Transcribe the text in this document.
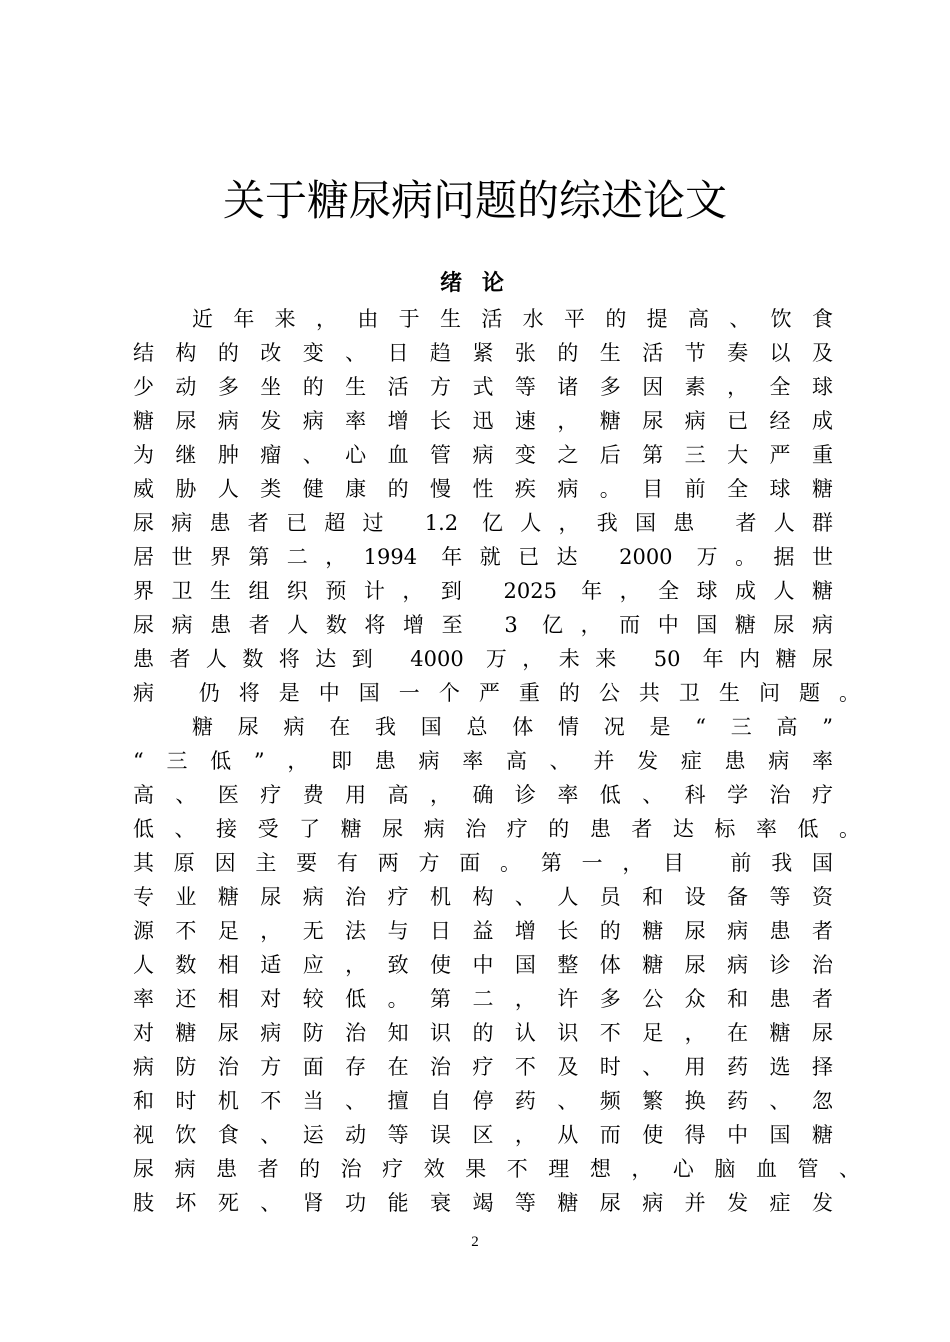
关于糖尿病问题的综述论文
绪 论
近年来，由于生活水平的提高、饮食
结构的改变、日趋紧张的生活节奏以及
少动多坐的生活方式等诸多因素，全球
糖尿病发病率增长迅速，糖尿病已经成
为继肿瘤、心血管病变之后第三大严重
威胁人类健康的慢性疾病。目前全球糖
尿病患者已超过 1.2 亿人，我国患 者人群
居世界第二，1994 年就已达 2000 万。据世
界卫生组织预计，到 2025 年，全球成人糖
尿病患者人数将增至 3 亿，而中国糖尿病
患者人数将达到 4000 万，未来 50 年内糖尿
病 仍将是中国一个严重的公共卫生问题。
糖尿病在我国总体情况是“三高”
“三低”，即患病率高、并发症患病率
高、医疗费用高，确诊率低、科学治疗
低、接受了糖尿病治疗的患者达标率低。
其原因主要有两方面。第一，目 前我国
专业糖尿病治疗机构、人员和设备等资
源不足，无法与日益增长的糖尿病患者
人数相适应，致使中国整体糖尿病诊治
率还相对较低。第二，许多公众和患者
对糖尿病防治知识的认识不足，在糖尿
病防治方面存在治疗不及时、用药选择
和时机不当、擅自停药、频繁换药、忽
视饮食、运动等误区，从而使得中国糖
尿病患者的治疗效果不理想，心脑血管、
肢坏死、肾功能衰竭等糖尿病并发症发
2
